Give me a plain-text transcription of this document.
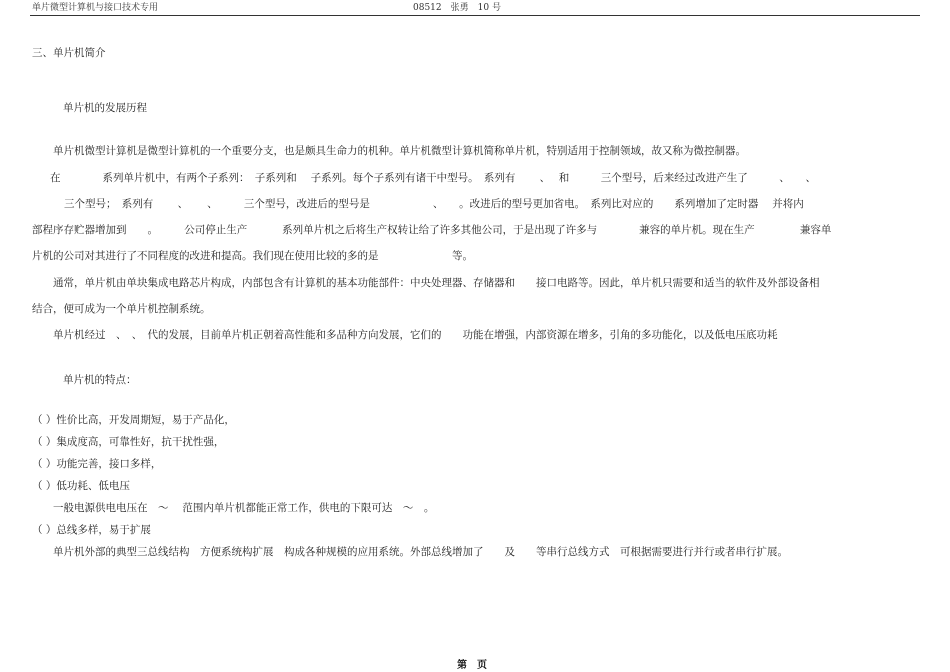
单片微型计算机与接口技术专用	08512　张勇　10 号
三、单片机简介
单片机的发展历程
单片机微型计算机是微型计算机的一个重要分支，也是颇具生命力的机种。单片机微型计算机简称单片机，特别适用于控制领域，故又称为微控制器。
在　　　　系列单片机中，有两个子系列：　子系列和　 子系列。每个子系列有诸干中型号。　系列有　　 、　 和　　　三个型号，后来经过改进产生了　　　、　　、
三个型号；　系列有　　 、　　 、　　　三个型号，改进后的型号是　　　　　　、　　。改进后的型号更加省电。　系列比对应的　　系列增加了定时器　 并将内
部程序存贮器增加到　　。　　　公司停止生产　　　 系列单片机之后将生产权转让给了许多其他公司，于是出现了许多与　　　　兼容的单片机。现在生产　　　　 兼容单
片机的公司对其进行了不同程度的改进和提高。我们现在使用比较的多的是　　　　　　　等。
通常，单片机由单块集成电路芯片构成，内部包含有计算机的基本功能部件：中央处理器、存储器和　　接口电路等。因此，单片机只需要和适当的软件及外部设备相
结合，便可成为一个单片机控制系统。
单片机经过　、　、　代的发展，目前单片机正朝着高性能和多品种方向发展，它们的　　功能在增强，内部资源在增多，引角的多功能化，以及低电压底功耗
单片机的特点：
（ ）性价比高，开发周期短，易于产品化，
（ ）集成度高，可靠性好，抗干扰性强，
（ ）功能完善，接口多样，
（ ）低功耗、低电压
一般电源供电电压在　～　 范围内单片机都能正常工作，供电的下限可达　～　。
（ ）总线多样，易于扩展
单片机外部的典型三总线结构　方便系统构扩展　构成各种规模的应用系统。外部总线增加了　　及　　等串行总线方式　可根据需要进行并行或者串行扩展。
第　页
